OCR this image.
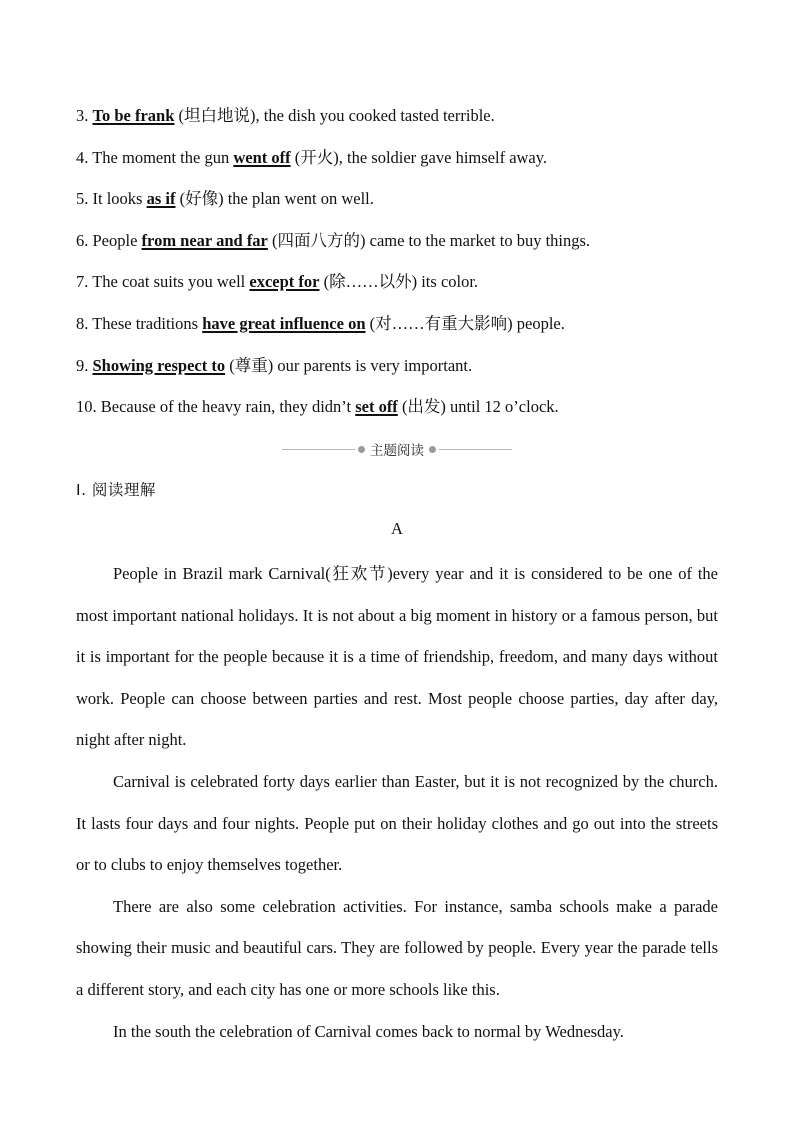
3. To be frank (坦白地说), the dish you cooked tasted terrible.
4. The moment the gun went off (开火), the soldier gave himself away.
5. It looks as if (好像) the plan went on well.
6. People from near and far (四面八方的) came to the market to buy things.
7. The coat suits you well except for (除……以外) its color.
8. These traditions have great influence on (对……有重大影响) people.
9. Showing respect to (尊重) our parents is very important.
10. Because of the heavy rain, they didn’t set off (出发) until 12 o’clock.
主题阅读
Ⅰ. 阅读理解
A

People in Brazil mark Carnival(狂欢节)every year and it is considered to be one of the most important national holidays. It is not about a big moment in history or a famous person, but it is important for the people because it is a time of friendship, freedom, and many days without work. People can choose between parties and rest. Most people choose parties, day after day, night after night.

Carnival is celebrated forty days earlier than Easter, but it is not recognized by the church. It lasts four days and four nights. People put on their holiday clothes and go out into the streets or to clubs to enjoy themselves together.

There are also some celebration activities. For instance, samba schools make a parade showing their music and beautiful cars. They are followed by people. Every year the parade tells a different story, and each city has one or more schools like this.

In the south the celebration of Carnival comes back to normal by Wednesday.
